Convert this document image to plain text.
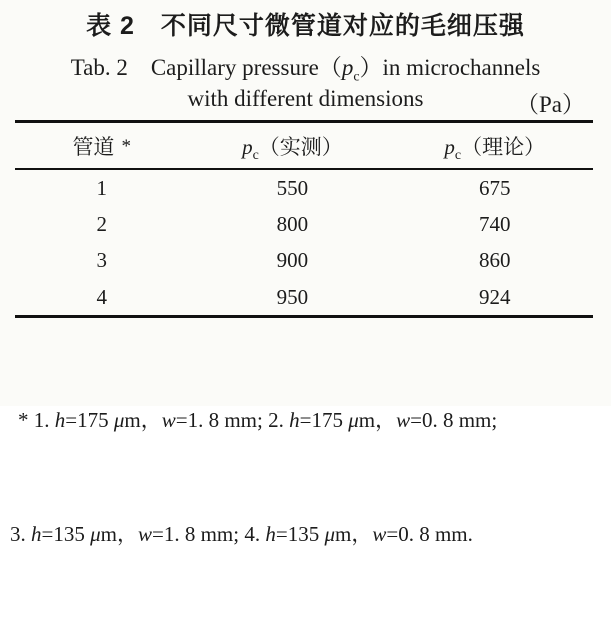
表 2　不同尺寸微管道对应的毛细压强
Tab. 2　Capillary $pressure(p_c)in$ microchannels
with different dimensions	（Pa）
管道 *	$p_c$（实测）	$p_c$（理论）
1	550	675
2	800	740
3	900	860
4	950	924

* 1. h=175 μm，w=1. 8 mm; 2. h=175 μm，w=0. 8 mm;

3. h=135 μm，w=1. 8 mm; 4. h=135 μm，w=0. 8 mm.
